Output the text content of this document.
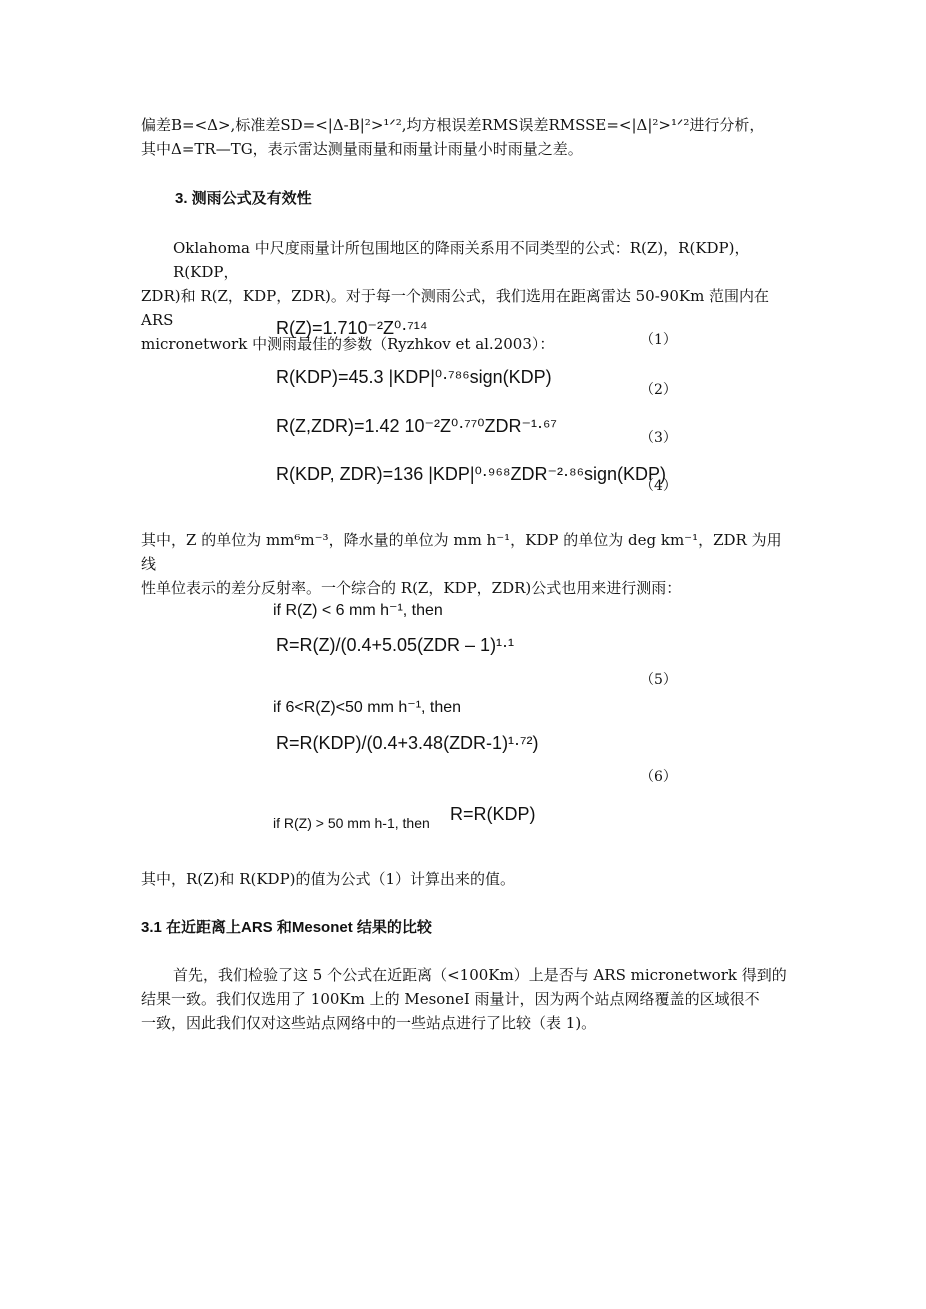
偏差B=<Δ>,标准差SD=<|Δ-B|²>¹ᐟ²,均方根误差RMS误差RMSSE=<|Δ|²>¹ᐟ²进行分析，

其中Δ=TR—TG，表示雷达测量雨量和雨量计雨量小时雨量之差。

3. 测雨公式及有效性

Oklahoma 中尺度雨量计所包围地区的降雨关系用不同类型的公式：R(Z)，R(KDP)，R(KDP，

ZDR)和 R(Z，KDP，ZDR)。对于每一个测雨公式，我们选用在距离雷达 50-90Km 范围内在 ARS

micronetwork 中测雨最佳的参数（Ryzhkov et al.2003）：

R(Z)=1.710⁻²Z⁰·⁷¹⁴
（1）
R(KDP)=45.3 |KDP|⁰·⁷⁸⁶sign(KDP)
（2）
R(Z,ZDR)=1.42 10⁻²Z⁰·⁷⁷⁰ZDR⁻¹·⁶⁷
（3）
R(KDP, ZDR)=136 |KDP|⁰·⁹⁶⁸ZDR⁻²·⁸⁶sign(KDP)
（4）

其中，Z 的单位为 mm⁶m⁻³，降水量的单位为 mm h⁻¹，KDP 的单位为 deg km⁻¹，ZDR 为用线

性单位表示的差分反射率。一个综合的 R(Z，KDP，ZDR)公式也用来进行测雨：

if R(Z) < 6 mm h⁻¹, then
R=R(Z)/(0.4+5.05(ZDR – 1)¹·¹
（5）
if 6<R(Z)<50 mm h⁻¹, then
R=R(KDP)/(0.4+3.48(ZDR-1)¹·⁷²)
（6）
if R(Z) > 50 mm h-1, then R=R(KDP)

其中，R(Z)和 R(KDP)的值为公式（1）计算出来的值。

3.1 在近距离上ARS 和Mesonet 结果的比较

首先，我们检验了这 5 个公式在近距离（<100Km）上是否与 ARS micronetwork 得到的

结果一致。我们仅选用了 100Km 上的 MesoneI 雨量计，因为两个站点网络覆盖的区域很不

一致，因此我们仅对这些站点网络中的一些站点进行了比较（表 1)。
